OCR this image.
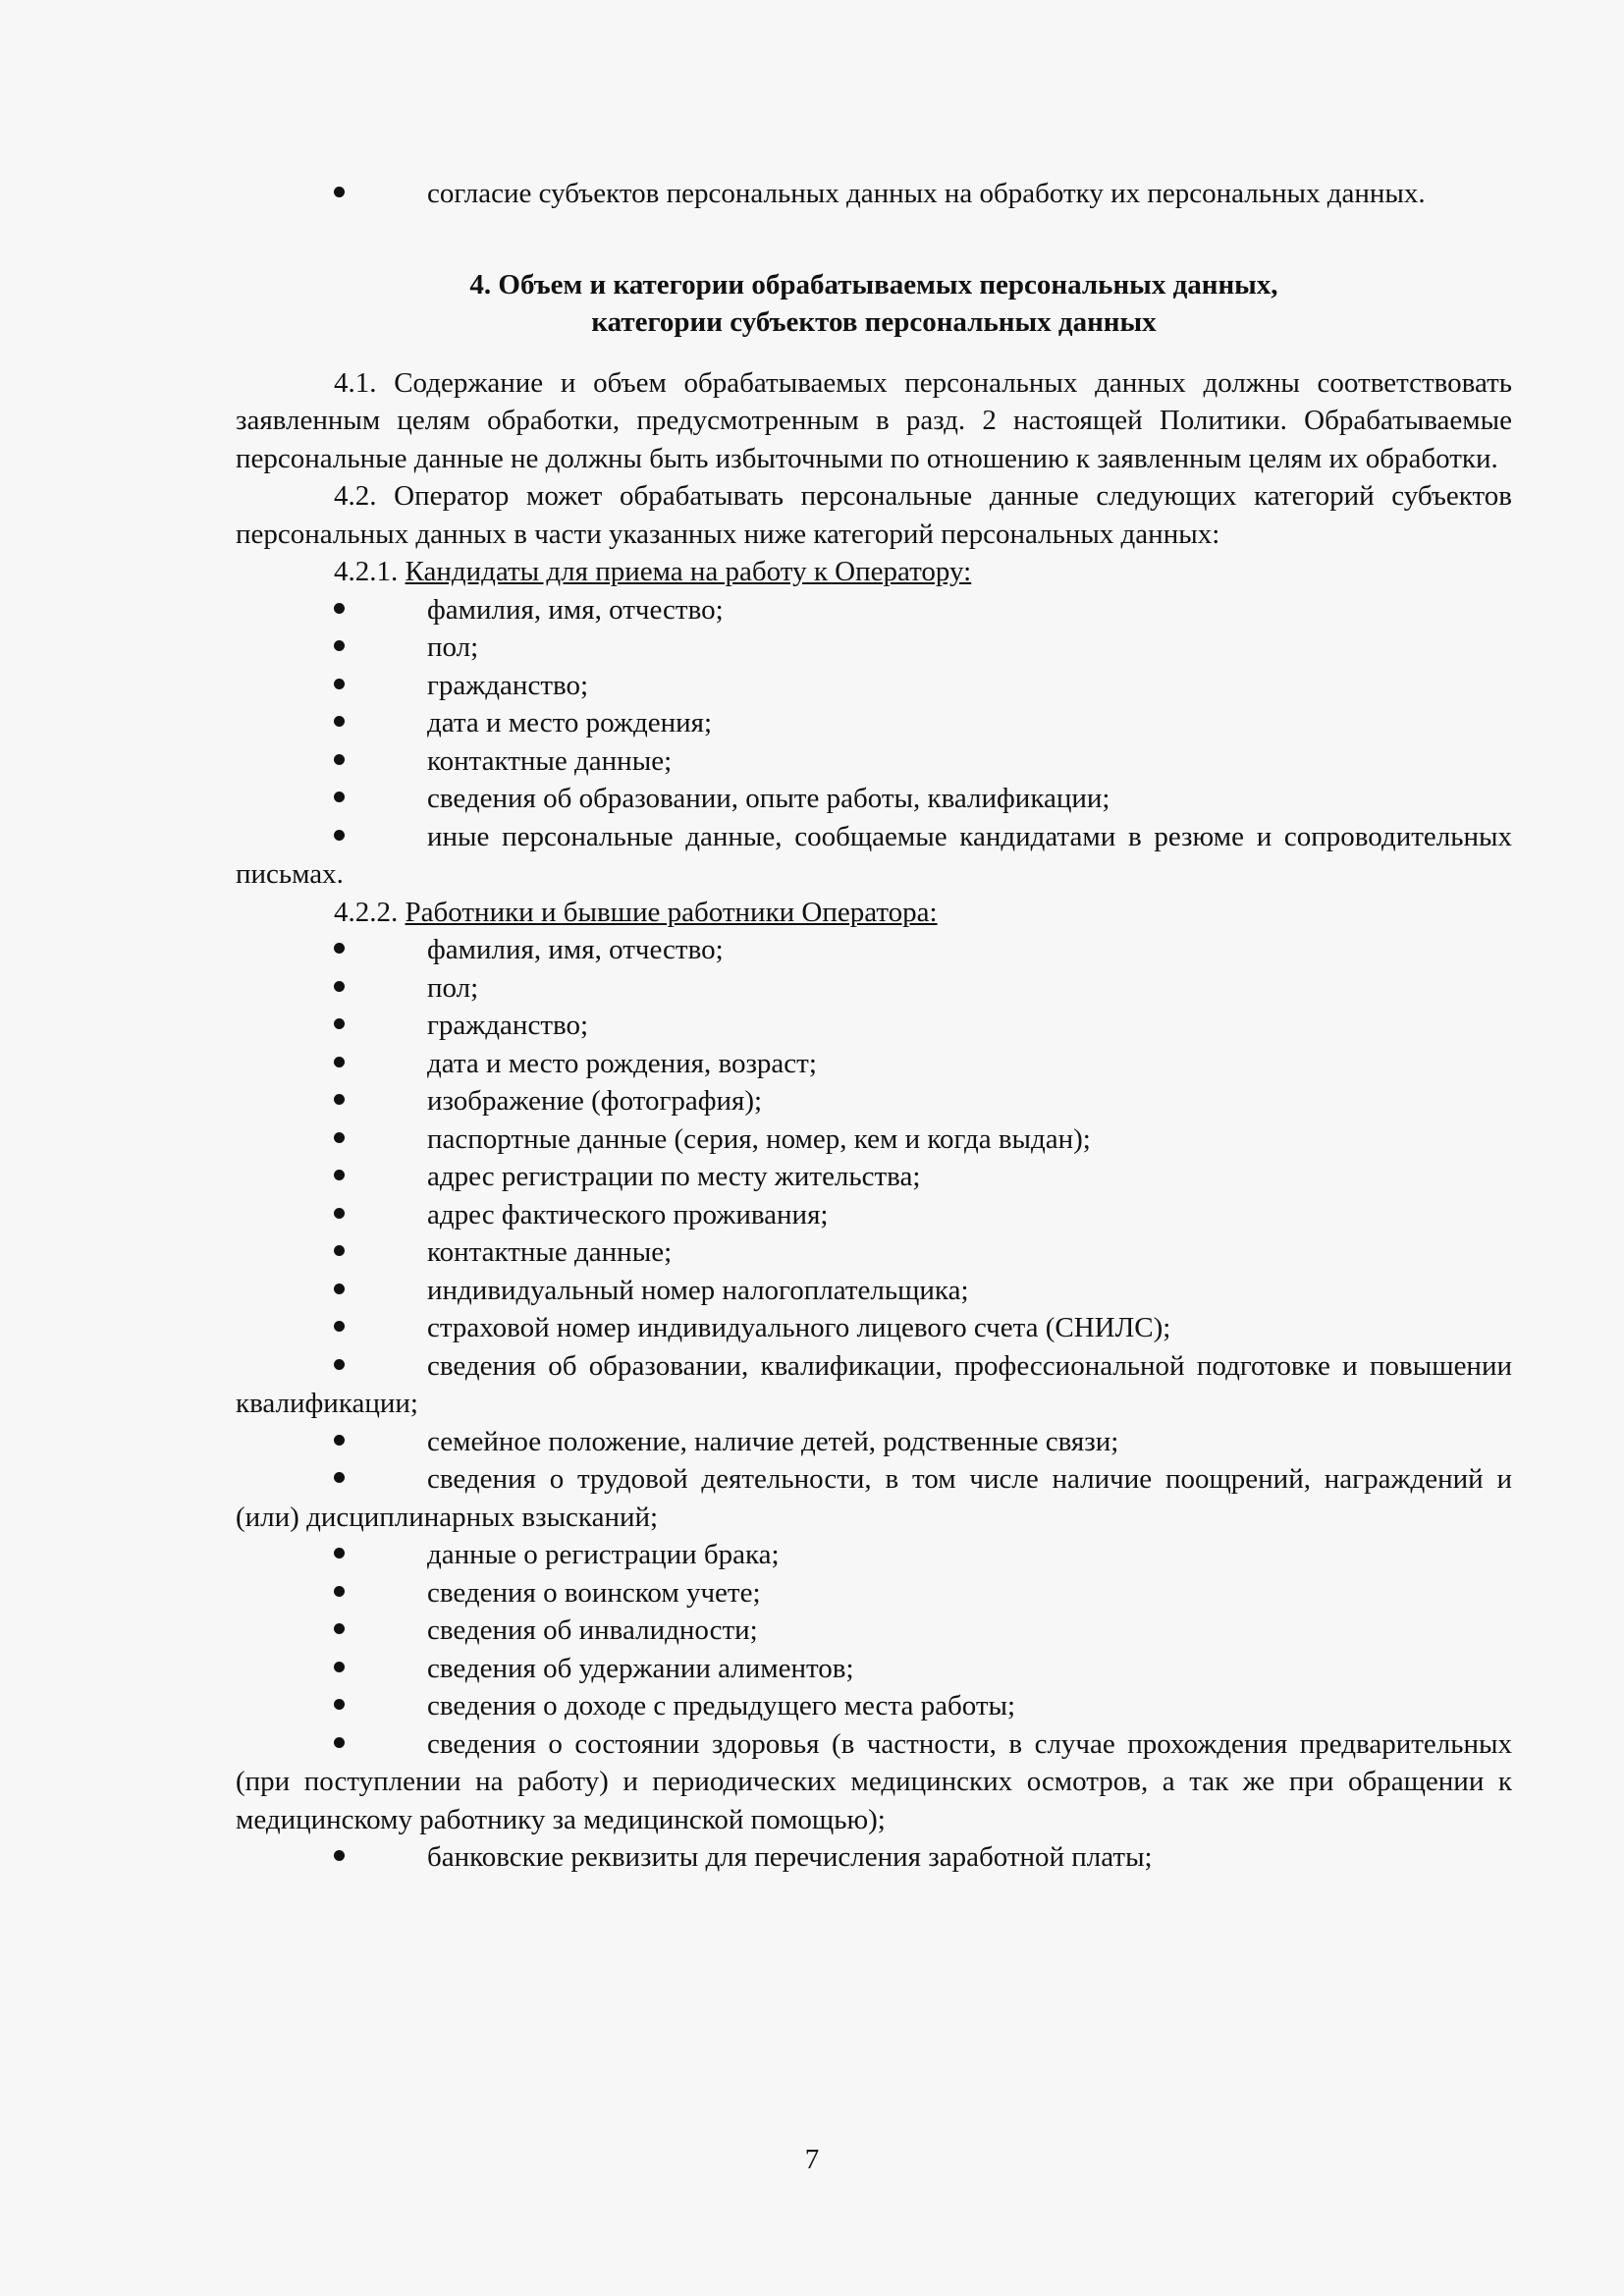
согласие субъектов персональных данных на обработку их персональных данных.
4. Объем и категории обрабатываемых персональных данных,
категории субъектов персональных данных
4.1. Содержание и объем обрабатываемых персональных данных должны соответствовать заявленным целям обработки, предусмотренным в разд. 2 настоящей Политики. Обрабатываемые персональные данные не должны быть избыточными по отношению к заявленным целям их обработки.
4.2. Оператор может обрабатывать персональные данные следующих категорий субъектов персональных данных в части указанных ниже категорий персональных данных:
4.2.1. Кандидаты для приема на работу к Оператору:
фамилия, имя, отчество;
пол;
гражданство;
дата и место рождения;
контактные данные;
сведения об образовании, опыте работы, квалификации;
иные персональные данные, сообщаемые кандидатами в резюме и сопроводительных письмах.
4.2.2. Работники и бывшие работники Оператора:
фамилия, имя, отчество;
пол;
гражданство;
дата и место рождения, возраст;
изображение (фотография);
паспортные данные (серия, номер, кем и когда выдан);
адрес регистрации по месту жительства;
адрес фактического проживания;
контактные данные;
индивидуальный номер налогоплательщика;
страховой номер индивидуального лицевого счета (СНИЛС);
сведения об образовании, квалификации, профессиональной подготовке и повышении квалификации;
семейное положение, наличие детей, родственные связи;
сведения о трудовой деятельности, в том числе наличие поощрений, награждений и (или) дисциплинарных взысканий;
данные о регистрации брака;
сведения о воинском учете;
сведения об инвалидности;
сведения об удержании алиментов;
сведения о доходе с предыдущего места работы;
сведения о состоянии здоровья (в частности, в случае прохождения предварительных (при поступлении на работу) и периодических медицинских осмотров, а так же при обращении к медицинскому работнику за медицинской помощью);
банковские реквизиты для перечисления заработной платы;
7
